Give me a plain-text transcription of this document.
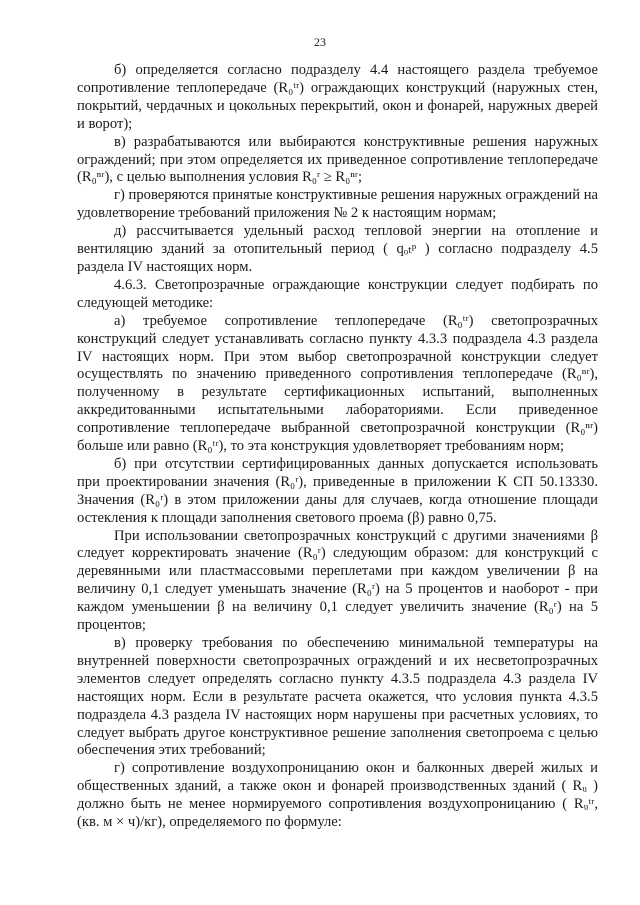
23

б) определяется согласно подразделу 4.4 настоящего раздела требуемое сопротивление теплопередаче (R₀ᵗʳ) ограждающих конструкций (наружных стен, покрытий, чердачных и цокольных перекрытий, окон и фонарей, наружных дверей и ворот);

в) разрабатываются или выбираются конструктивные решения наружных ограждений; при этом определяется их приведенное сопротивление теплопередаче (R₀ⁿʳ), с целью выполнения условия R₀ʳ ≥ R₀ⁿʳ;

г) проверяются принятые конструктивные решения наружных ограждений на удовлетворение требований приложения № 2 к настоящим нормам;

д) рассчитывается удельный расход тепловой энергии на отопление и вентиляцию зданий за отопительный период ( qₒₜᵖ ) согласно подразделу 4.5 раздела IV настоящих норм.

4.6.3. Светопрозрачные ограждающие конструкции следует подбирать по следующей методике:

а) требуемое сопротивление теплопередаче (R₀ᵗʳ) светопрозрачных конструкций следует устанавливать согласно пункту 4.3.3 подраздела 4.3 раздела IV настоящих норм. При этом выбор светопрозрачной конструкции следует осуществлять по значению приведенного сопротивления теплопередаче (R₀ⁿʳ), полученному в результате сертификационных испытаний, выполненных аккредитованными испытательными лабораториями. Если приведенное сопротивление теплопередаче выбранной светопрозрачной конструкции (R₀ⁿʳ) больше или равно (R₀ᵗʳ), то эта конструкция удовлетворяет требованиям норм;

б) при отсутствии сертифицированных данных допускается использовать при проектировании значения (R₀ʳ), приведенные в приложении К СП 50.13330. Значения (R₀ʳ) в этом приложении даны для случаев, когда отношение площади остекления к площади заполнения светового проема (β) равно 0,75.

При использовании светопрозрачных конструкций с другими значениями β следует корректировать значение (R₀ʳ) следующим образом: для конструкций с деревянными или пластмассовыми переплетами при каждом увеличении β на величину 0,1 следует уменьшать значение (R₀ʳ) на 5 процентов и наоборот - при каждом уменьшении β на величину 0,1 следует увеличить значение (R₀ʳ) на 5 процентов;

в) проверку требования по обеспечению минимальной температуры на внутренней поверхности светопрозрачных ограждений и их несветопрозрачных элементов следует определять согласно пункту 4.3.5 подраздела 4.3 раздела IV настоящих норм. Если в результате расчета окажется, что условия пункта 4.3.5 подраздела 4.3 раздела IV настоящих норм нарушены при расчетных условиях, то следует выбрать другое конструктивное решение заполнения светопроема с целью обеспечения этих требований;

г) сопротивление воздухопроницанию окон и балконных дверей жилых и общественных зданий, а также окон и фонарей производственных зданий ( Rᵤ ) должно быть не менее нормируемого сопротивления воздухопроницанию ( Rᵤᵗʳ, (кв. м × ч)/кг), определяемого по формуле:
